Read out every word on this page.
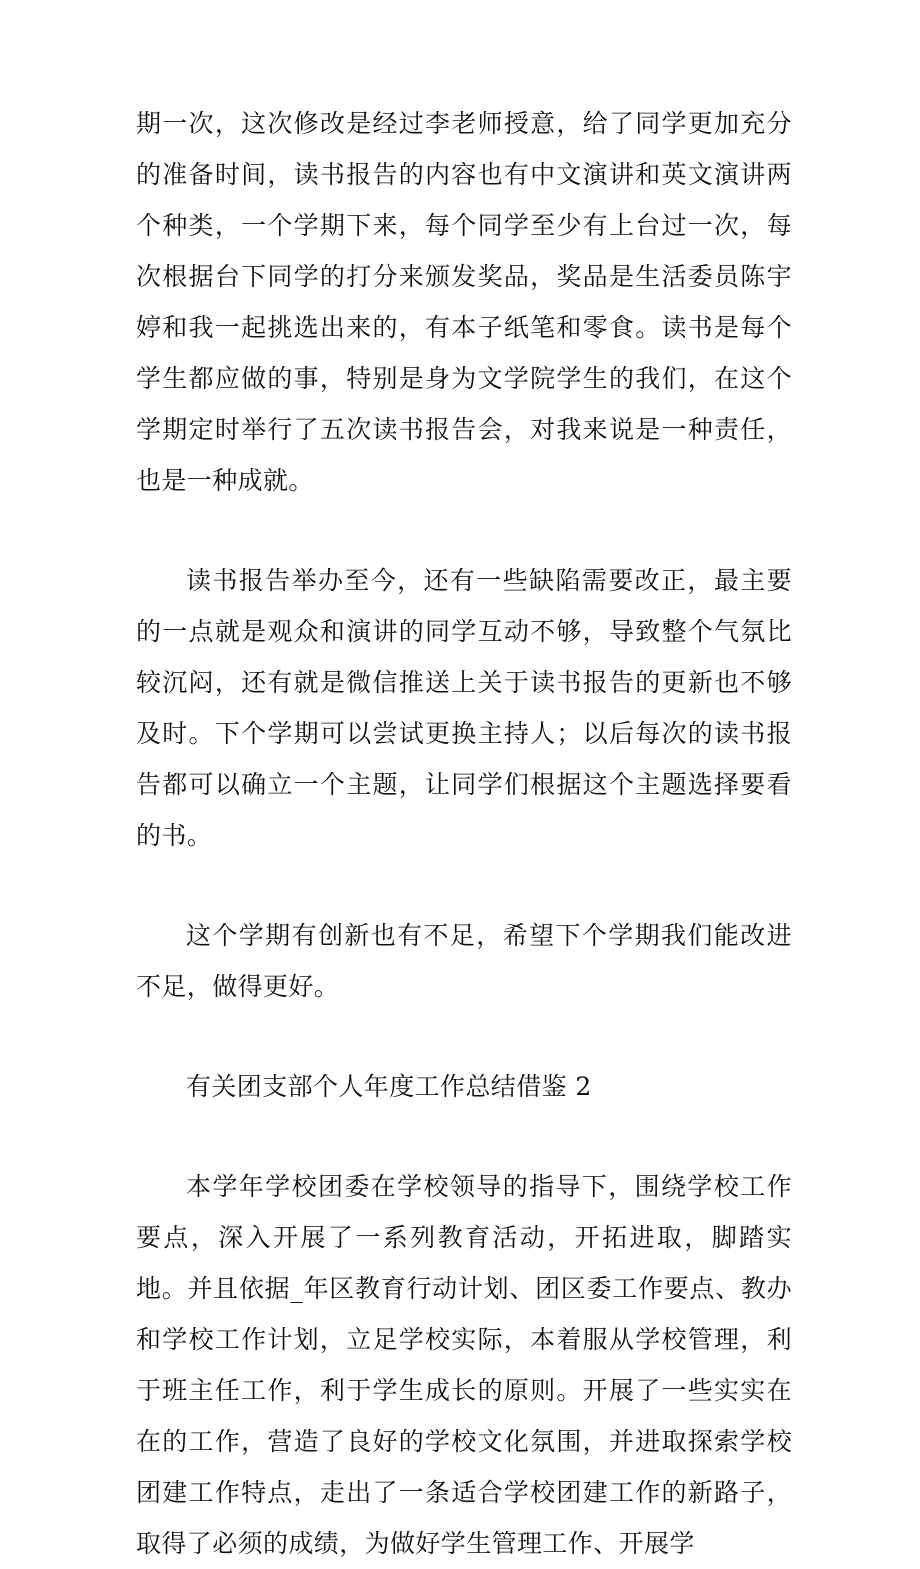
期一次，这次修改是经过李老师授意，给了同学更加充分的准备时间，读书报告的内容也有中文演讲和英文演讲两个种类，一个学期下来，每个同学至少有上台过一次，每次根据台下同学的打分来颁发奖品，奖品是生活委员陈宇婷和我一起挑选出来的，有本子纸笔和零食。读书是每个学生都应做的事，特别是身为文学院学生的我们，在这个学期定时举行了五次读书报告会，对我来说是一种责任，也是一种成就。

读书报告举办至今，还有一些缺陷需要改正，最主要的一点就是观众和演讲的同学互动不够，导致整个气氛比较沉闷，还有就是微信推送上关于读书报告的更新也不够及时。下个学期可以尝试更换主持人；以后每次的读书报告都可以确立一个主题，让同学们根据这个主题选择要看的书。

这个学期有创新也有不足，希望下个学期我们能改进不足，做得更好。

有关团支部个人年度工作总结借鉴 2

本学年学校团委在学校领导的指导下，围绕学校工作要点，深入开展了一系列教育活动，开拓进取，脚踏实地。并且依据_年区教育行动计划、团区委工作要点、教办和学校工作计划，立足学校实际，本着服从学校管理，利于班主任工作，利于学生成长的原则。开展了一些实实在在的工作，营造了良好的学校文化氛围，并进取探索学校团建工作特点，走出了一条适合学校团建工作的新路子，取得了必须的成绩，为做好学生管理工作、开展学
